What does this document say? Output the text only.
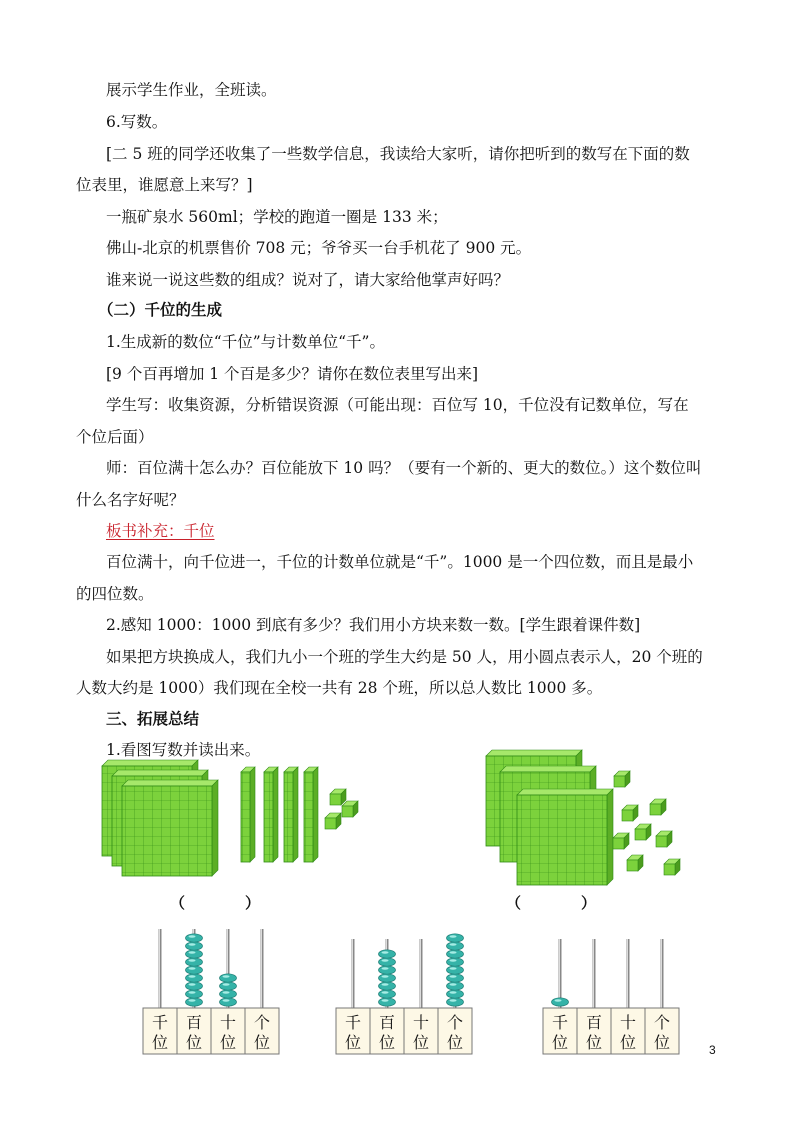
展示学生作业，全班读。
6.写数。
[二 5 班的同学还收集了一些数学信息，我读给大家听，请你把听到的数写在下面的数
位表里，谁愿意上来写？]
一瓶矿泉水 560ml；学校的跑道一圈是 133 米；
佛山-北京的机票售价 708 元；爷爷买一台手机花了 900 元。
谁来说一说这些数的组成？说对了，请大家给他掌声好吗？
（二）千位的生成
1.生成新的数位“千位”与计数单位“千”。
[9 个百再增加 1 个百是多少？请你在数位表里写出来]
学生写：收集资源，分析错误资源（可能出现：百位写 10，千位没有记数单位，写在
个位后面）
师：百位满十怎么办？百位能放下 10 吗？（要有一个新的、更大的数位。）这个数位叫
什么名字好呢？
板书补充：千位
百位满十，向千位进一，千位的计数单位就是“千”。1000 是一个四位数，而且是最小
的四位数。
2.感知 1000：1000 到底有多少？我们用小方块来数一数。[学生跟着课件数]
如果把方块换成人，我们九小一个班的学生大约是 50 人，用小圆点表示人，20 个班的
人数大约是 1000）我们现在全校一共有 28 个班，所以总人数比 1000 多。
三、拓展总结
1.看图写数并读出来。
（　　　　）	（　　　　）
千
位
百
位
十
位
个
位
千
位
百
位
十
位
个
位
千
位
百
位
十
位
个
位	3
